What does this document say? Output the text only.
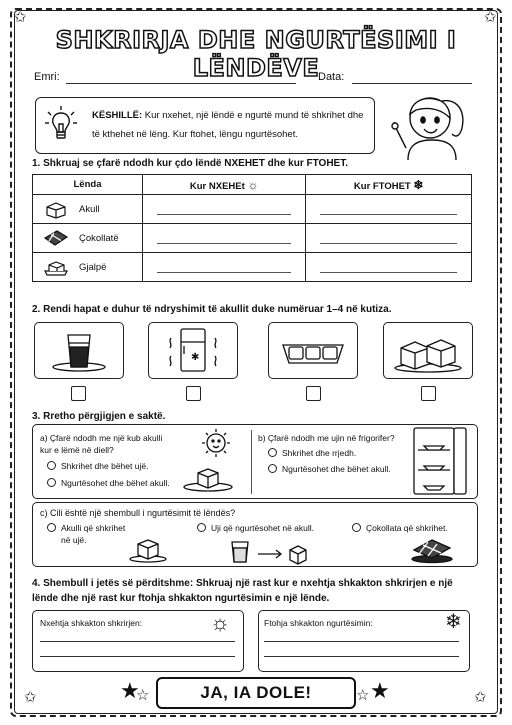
✩	✩
SHKRIRJA DHE NGURTËSIMI I LËNDËVE
Emri:	Data:
KËSHILLË: Kur nxehet, një lëndë e ngurtë mund të shkrihet dhe të kthehet në lëng. Kur ftohet, lëngu ngurtësohet.
1. Shkruaj se çfarë ndodh kur çdo lëndë NXEHET dhe kur FTOHET.
Lënda	Kur NXEHEt ☼	Kur FTOHET ❄

Akull		

Çokollatë		

Gjalpë		

2. Rendi hapat e duhur të ndryshimit të akullit duke numëruar 1–4 në kutiza.
✱
3. Rretho përgjigjen e saktë.
a) Çfarë ndodh me një kub akulli kur e lëmë në diell?
Shkrihet dhe bëhet ujë.
Ngurtësohet dhe bëhet akull.
b) Çfarë ndodh me ujin në frigorifer?
Shkrihet dhe rrjedh.
Ngurtësohet dhe bëhet akull.
c) Cili është një shembull i ngurtësimit të lëndës?
Akulli që shkrihet në ujë.
Uji që ngurtësohet në akull.	Çokollata që shkrihet.
4. Shembull i jetës së përditshme: Shkruaj një rast kur e nxehtja shkakton shkrirjen e një lënde dhe një rast kur ftohja shkakton ngurtësimin e një lënde.
Nxehtja shkakton shkrirjen:	☼	Ftohja shkakton ngurtësimin:	❄
★
☆	☆ ★
✩	✩
JA, IA DOLE!
